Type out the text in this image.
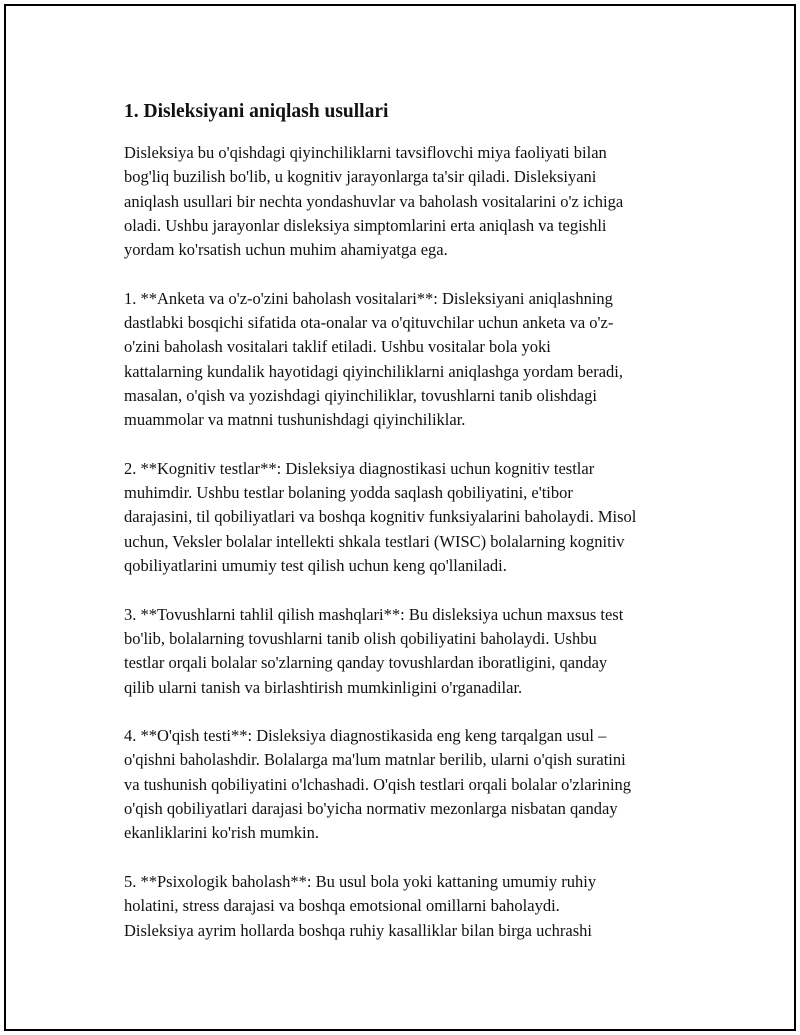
1. Disleksiyani aniqlash usullari

Disleksiya bu o'qishdagi qiyinchiliklarni tavsiflovchi miya faoliyati bilan
bog'liq buzilish bo'lib, u kognitiv jarayonlarga ta'sir qiladi. Disleksiyani
aniqlash usullari bir nechta yondashuvlar va baholash vositalarini o'z ichiga
oladi. Ushbu jarayonlar disleksiya simptomlarini erta aniqlash va tegishli
yordam ko'rsatish uchun muhim ahamiyatga ega.

1. **Anketa va o'z-o'zini baholash vositalari**: Disleksiyani aniqlashning
dastlabki bosqichi sifatida ota-onalar va o'qituvchilar uchun anketa va o'z-
o'zini baholash vositalari taklif etiladi. Ushbu vositalar bola yoki
kattalarning kundalik hayotidagi qiyinchiliklarni aniqlashga yordam beradi,
masalan, o'qish va yozishdagi qiyinchiliklar, tovushlarni tanib olishdagi
muammolar va matnni tushunishdagi qiyinchiliklar.

2. **Kognitiv testlar**: Disleksiya diagnostikasi uchun kognitiv testlar
muhimdir. Ushbu testlar bolaning yodda saqlash qobiliyatini, e'tibor
darajasini, til qobiliyatlari va boshqa kognitiv funksiyalarini baholaydi. Misol
uchun, Veksler bolalar intellekti shkala testlari (WISC) bolalarning kognitiv
qobiliyatlarini umumiy test qilish uchun keng qo'llaniladi.

3. **Tovushlarni tahlil qilish mashqlari**: Bu disleksiya uchun maxsus test
bo'lib, bolalarning tovushlarni tanib olish qobiliyatini baholaydi. Ushbu
testlar orqali bolalar so'zlarning qanday tovushlardan iboratligini, qanday
qilib ularni tanish va birlashtirish mumkinligini o'rganadilar.

4. **O'qish testi**: Disleksiya diagnostikasida eng keng tarqalgan usul –
o'qishni baholashdir. Bolalarga ma'lum matnlar berilib, ularni o'qish suratini
va tushunish qobiliyatini o'lchashadi. O'qish testlari orqali bolalar o'zlarining
o'qish qobiliyatlari darajasi bo'yicha normativ mezonlarga nisbatan qanday
ekanliklarini ko'rish mumkin.

5. **Psixologik baholash**: Bu usul bola yoki kattaning umumiy ruhiy
holatini, stress darajasi va boshqa emotsional omillarni baholaydi.
Disleksiya ayrim hollarda boshqa ruhiy kasalliklar bilan birga uchrashi
